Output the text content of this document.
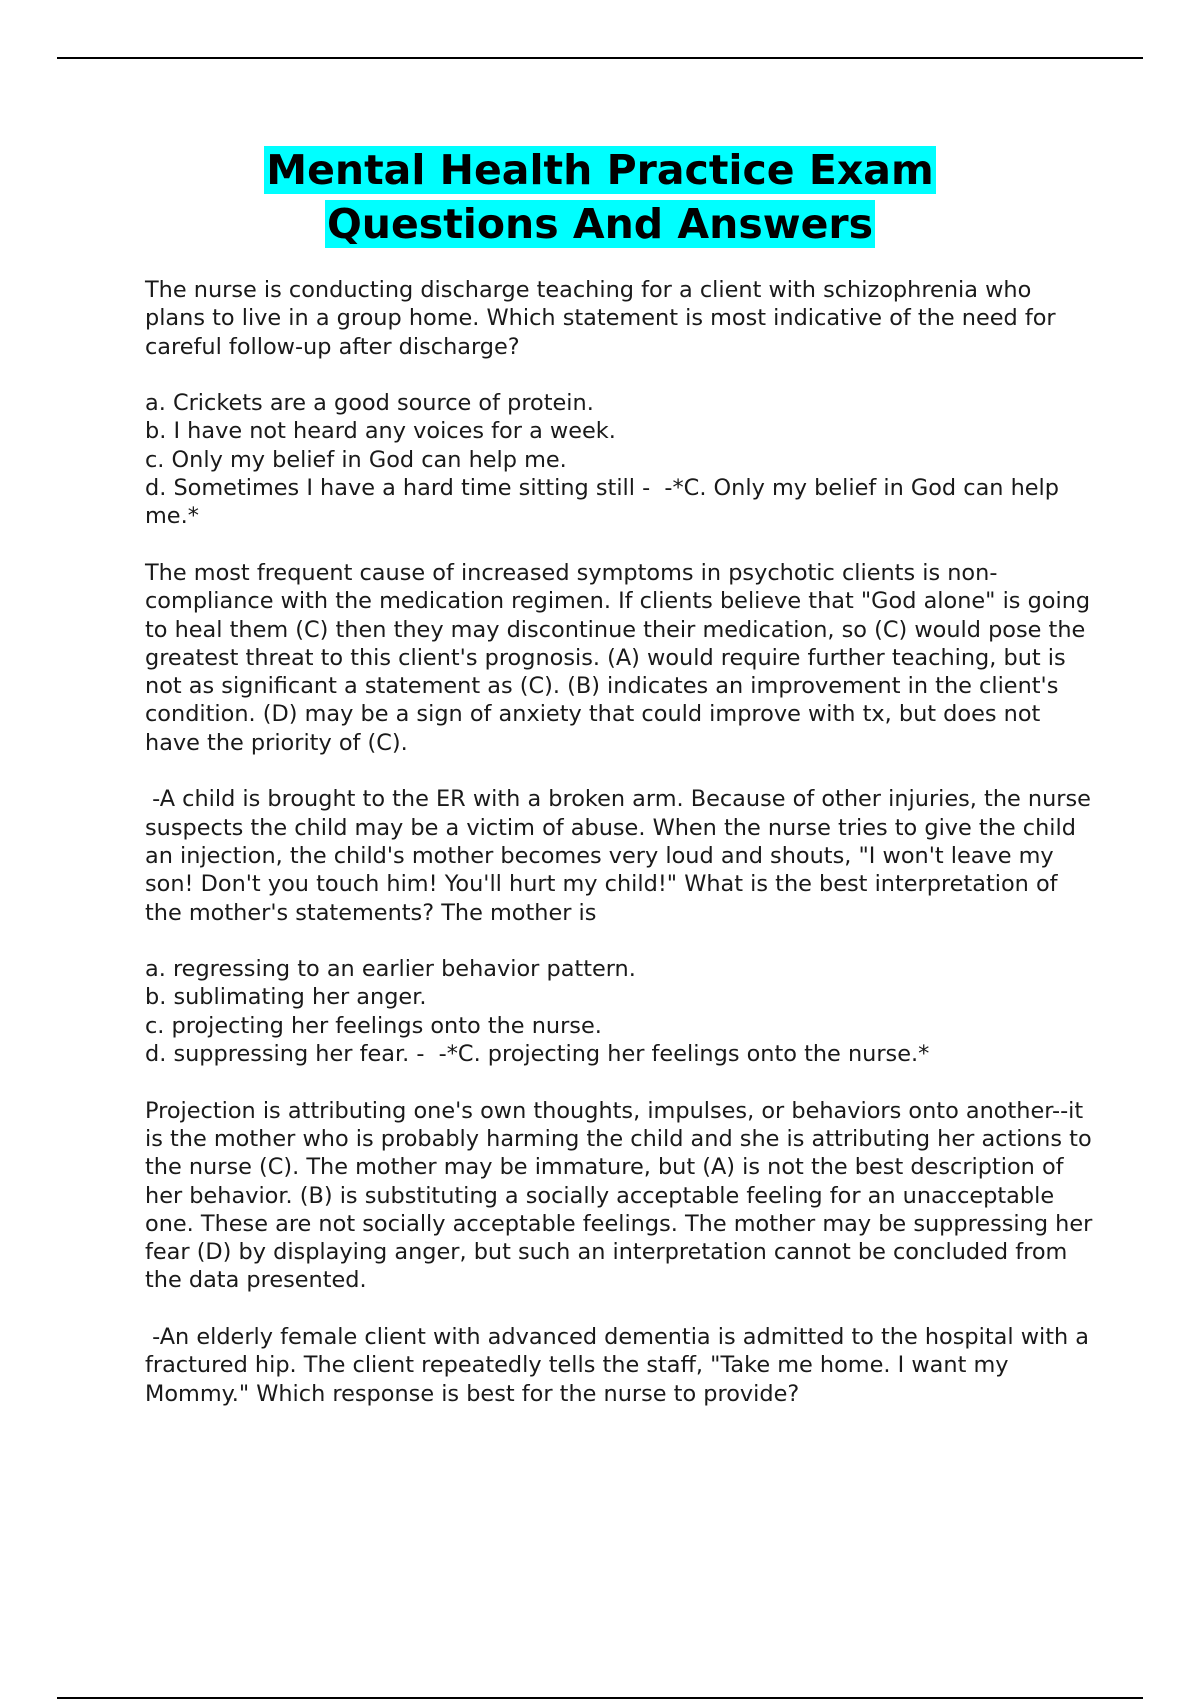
Mental Health Practice Exam
Questions And Answers

The nurse is conducting discharge teaching for a client with schizophrenia who plans to live in a group home. Which statement is most indicative of the need for careful follow-up after discharge?

a. Crickets are a good source of protein.
b. I have not heard any voices for a week.
c. Only my belief in God can help me.
d. Sometimes I have a hard time sitting still -  -*C. Only my belief in God can help me.*

The most frequent cause of increased symptoms in psychotic clients is non-compliance with the medication regimen. If clients believe that "God alone" is going to heal them (C) then they may discontinue their medication, so (C) would pose the greatest threat to this client's prognosis. (A) would require further teaching, but is not as significant a statement as (C). (B) indicates an improvement in the client's condition. (D) may be a sign of anxiety that could improve with tx, but does not have the priority of (C).

-A child is brought to the ER with a broken arm. Because of other injuries, the nurse suspects the child may be a victim of abuse. When the nurse tries to give the child an injection, the child's mother becomes very loud and shouts, "I won't leave my son! Don't you touch him! You'll hurt my child!" What is the best interpretation of the mother's statements? The mother is

a. regressing to an earlier behavior pattern.
b. sublimating her anger.
c. projecting her feelings onto the nurse.
d. suppressing her fear. -  -*C. projecting her feelings onto the nurse.*

Projection is attributing one's own thoughts, impulses, or behaviors onto another--it is the mother who is probably harming the child and she is attributing her actions to the nurse (C). The mother may be immature, but (A) is not the best description of her behavior. (B) is substituting a socially acceptable feeling for an unacceptable one. These are not socially acceptable feelings. The mother may be suppressing her fear (D) by displaying anger, but such an interpretation cannot be concluded from the data presented.

-An elderly female client with advanced dementia is admitted to the hospital with a fractured hip. The client repeatedly tells the staff, "Take me home. I want my Mommy." Which response is best for the nurse to provide?
